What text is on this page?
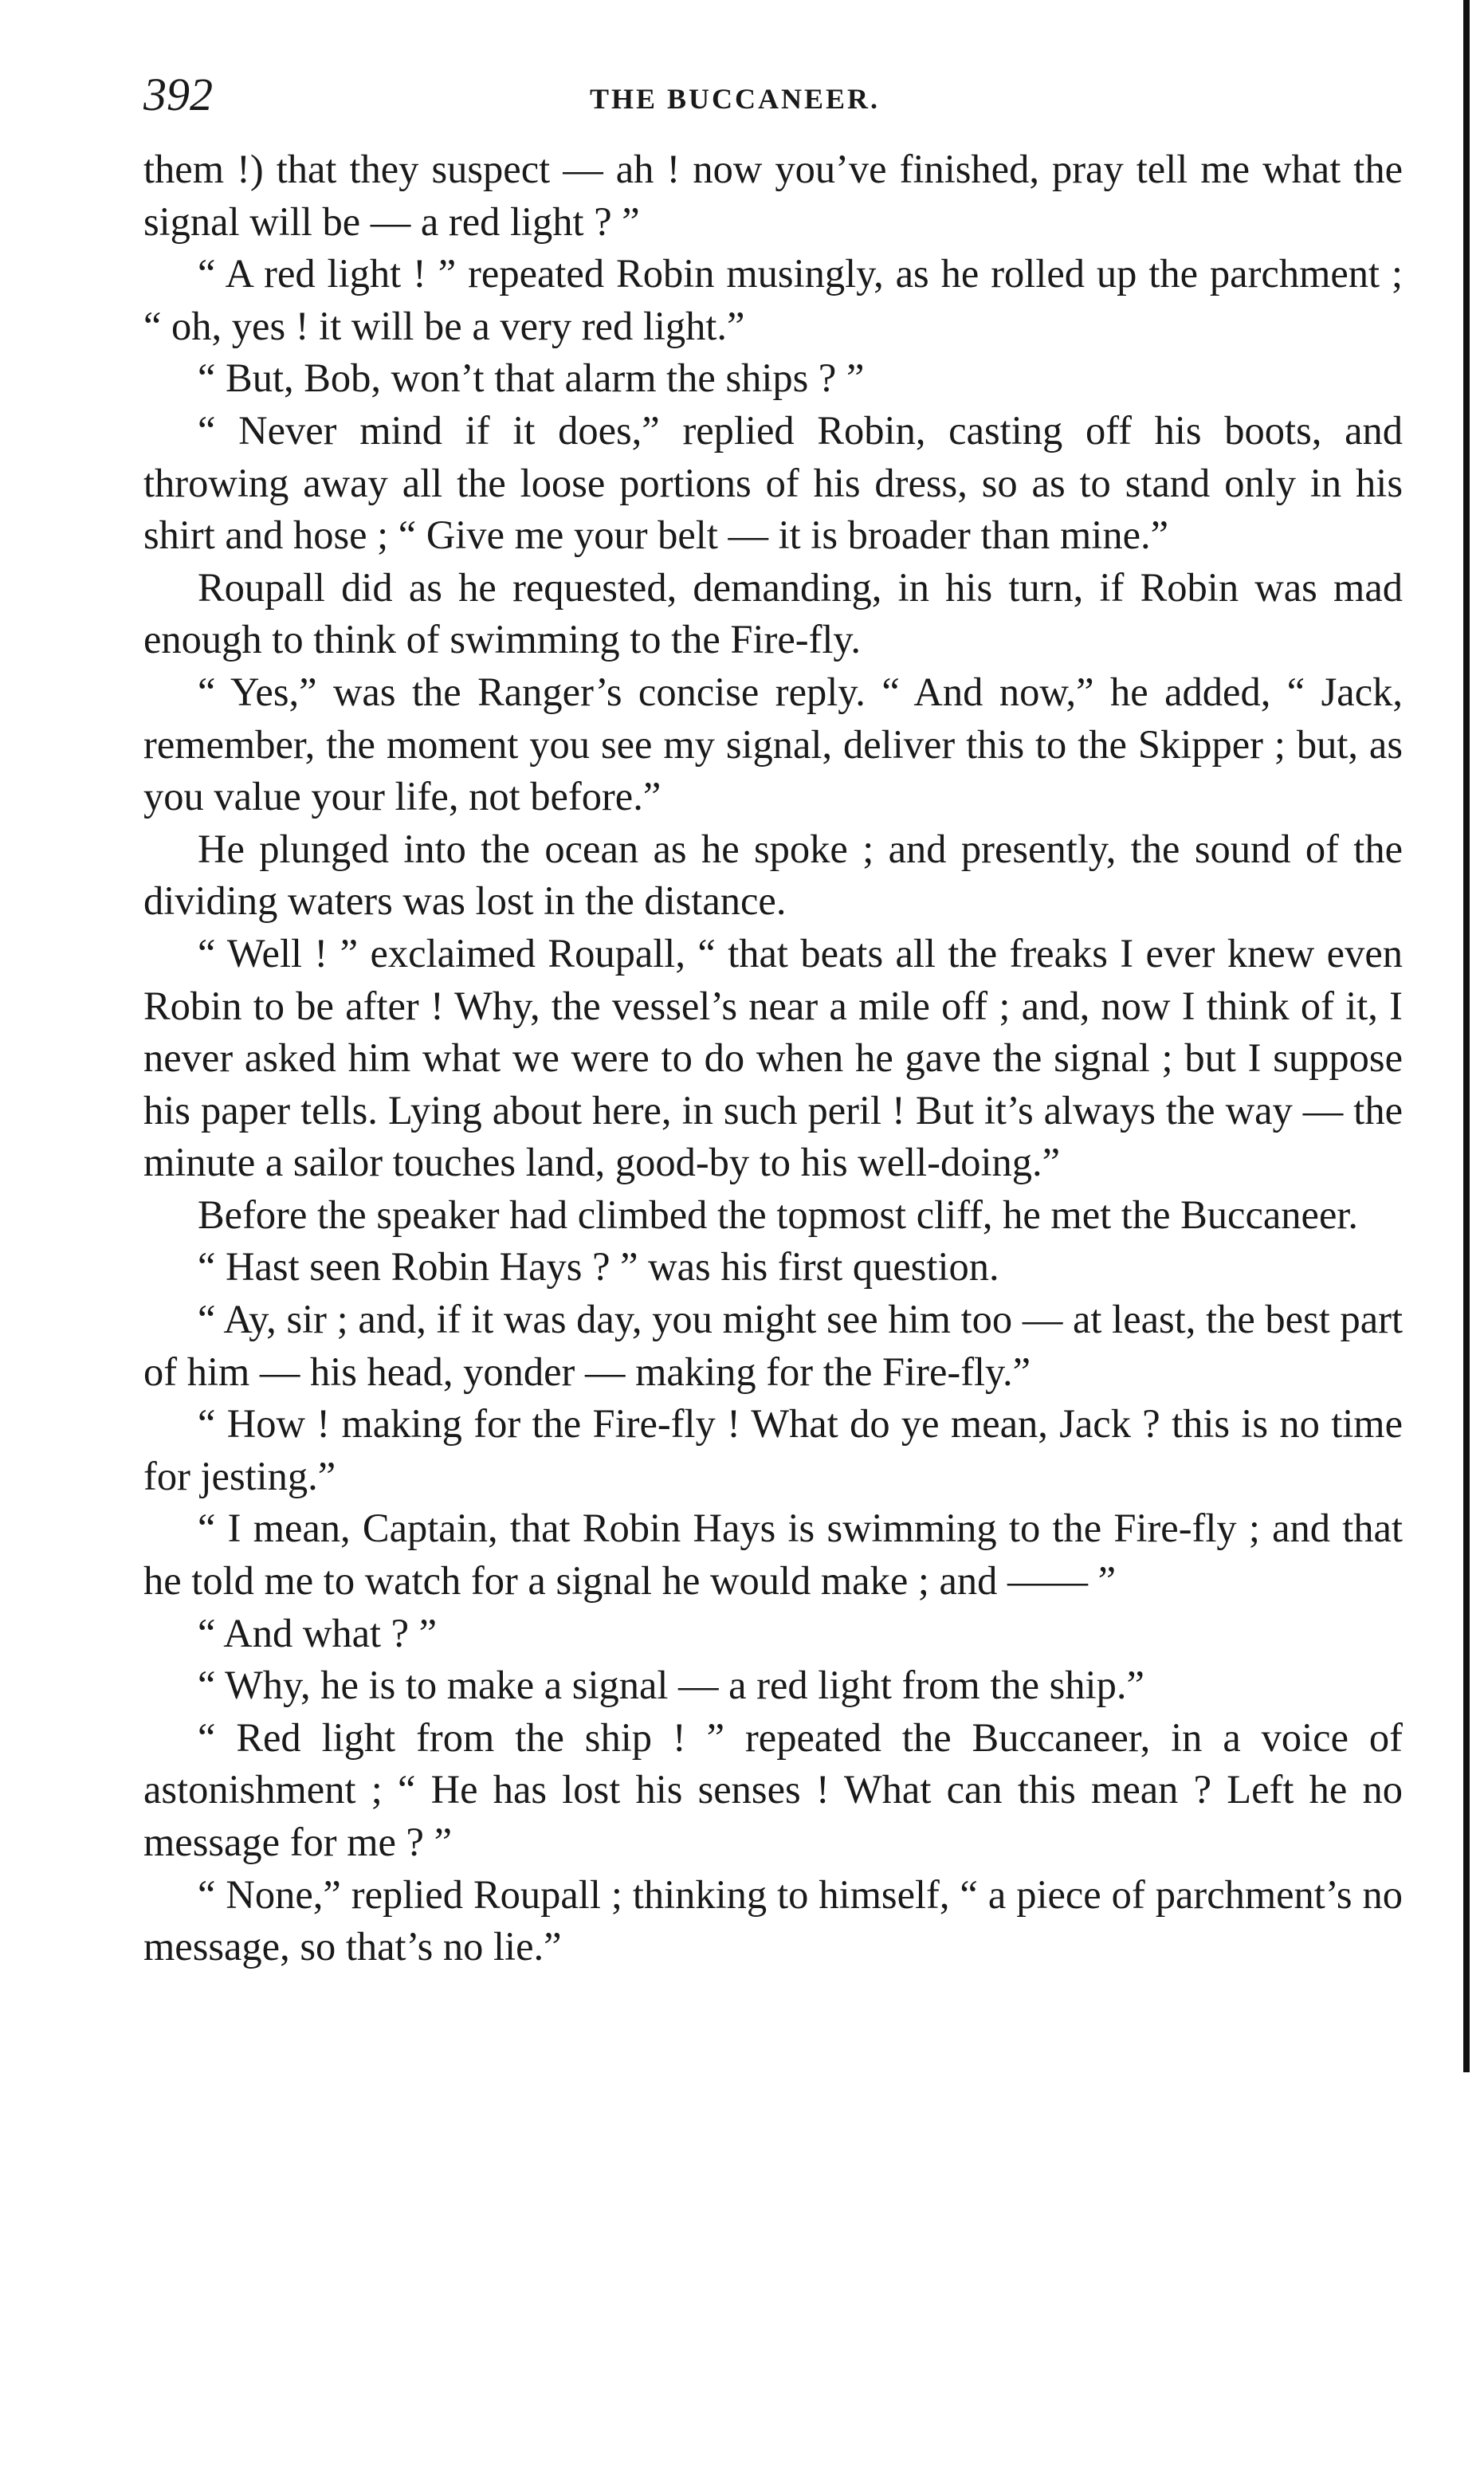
392	THE BUCCANEER.

them !) that they suspect — ah ! now you’ve finished, pray tell me what the signal will be — a red light ? ”

“ A red light ! ” repeated Robin musingly, as he rolled up the parchment ; “ oh, yes ! it will be a very red light.”

“ But, Bob, won’t that alarm the ships ? ”

“ Never mind if it does,” replied Robin, casting off his boots, and throwing away all the loose portions of his dress, so as to stand only in his shirt and hose ; “ Give me your belt — it is broader than mine.”

Roupall did as he requested, demanding, in his turn, if Robin was mad enough to think of swimming to the Fire-fly.

“ Yes,” was the Ranger’s concise reply. “ And now,” he added, “ Jack, remember, the moment you see my signal, deliver this to the Skipper ; but, as you value your life, not before.”

He plunged into the ocean as he spoke ; and presently, the sound of the dividing waters was lost in the distance.

“ Well ! ” exclaimed Roupall, “ that beats all the freaks I ever knew even Robin to be after ! Why, the vessel’s near a mile off ; and, now I think of it, I never asked him what we were to do when he gave the signal ; but I suppose his paper tells. Lying about here, in such peril ! But it’s always the way — the minute a sailor touches land, good-by to his well-doing.”

Before the speaker had climbed the topmost cliff, he met the Buccaneer.

“ Hast seen Robin Hays ? ” was his first question.

“ Ay, sir ; and, if it was day, you might see him too — at least, the best part of him — his head, yonder — making for the Fire-fly.”

“ How ! making for the Fire-fly ! What do ye mean, Jack ? this is no time for jesting.”

“ I mean, Captain, that Robin Hays is swimming to the Fire-fly ; and that he told me to watch for a signal he would make ; and —— ”

“ And what ? ”

“ Why, he is to make a signal — a red light from the ship.”

“ Red light from the ship ! ” repeated the Buccaneer, in a voice of astonishment ; “ He has lost his senses ! What can this mean ? Left he no message for me ? ”

“ None,” replied Roupall ; thinking to himself, “ a piece of parchment’s no message, so that’s no lie.”
